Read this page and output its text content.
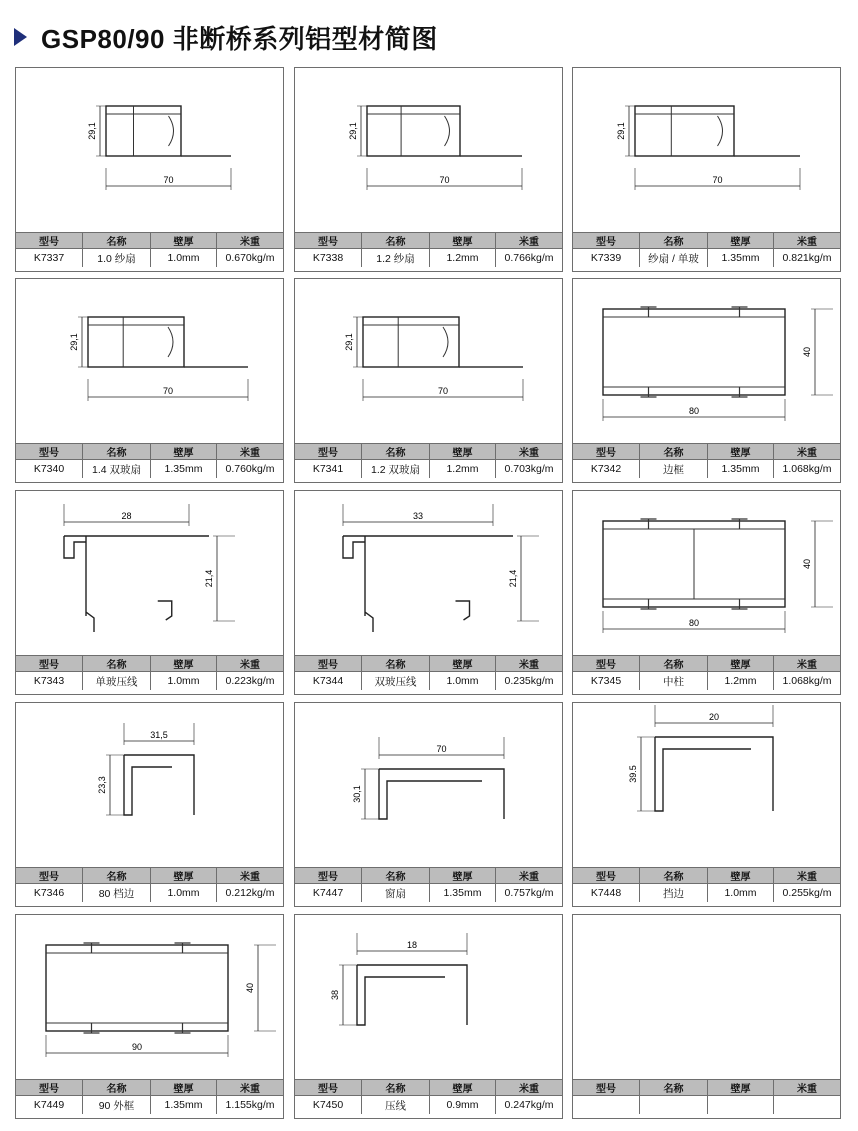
GSP80/90 非断桥系列铝型材简图
29,1
70
型号	名称	壁厚	米重
K7337	1.0 纱扇	1.0mm	0.670kg/m
29,1
70
型号	名称	壁厚	米重
K7338	1.2 纱扇	1.2mm	0.766kg/m
29,1
70
型号	名称	壁厚	米重
K7339	纱扇 / 单玻	1.35mm	0.821kg/m
29,1
70
型号	名称	壁厚	米重
K7340	1.4 双玻扇	1.35mm	0.760kg/m
29,1
70
型号	名称	壁厚	米重
K7341	1.2 双玻扇	1.2mm	0.703kg/m
40
80
型号	名称	壁厚	米重
K7342	边框	1.35mm	1.068kg/m
28
21,4
型号	名称	壁厚	米重
K7343	单玻压线	1.0mm	0.223kg/m
33
21,4
型号	名称	壁厚	米重
K7344	双玻压线	1.0mm	0.235kg/m
40
80
型号	名称	壁厚	米重
K7345	中柱	1.2mm	1.068kg/m
31,5
23,3
型号	名称	壁厚	米重
K7346	80 档边	1.0mm	0.212kg/m
70
30,1
型号	名称	壁厚	米重
K7447	窗扇	1.35mm	0.757kg/m
20
39.5
型号	名称	壁厚	米重
K7448	挡边	1.0mm	0.255kg/m
40
90
型号	名称	壁厚	米重
K7449	90 外框	1.35mm	1.155kg/m
18
38
型号	名称	壁厚	米重
K7450	压线	0.9mm	0.247kg/m
型号	名称	壁厚	米重
